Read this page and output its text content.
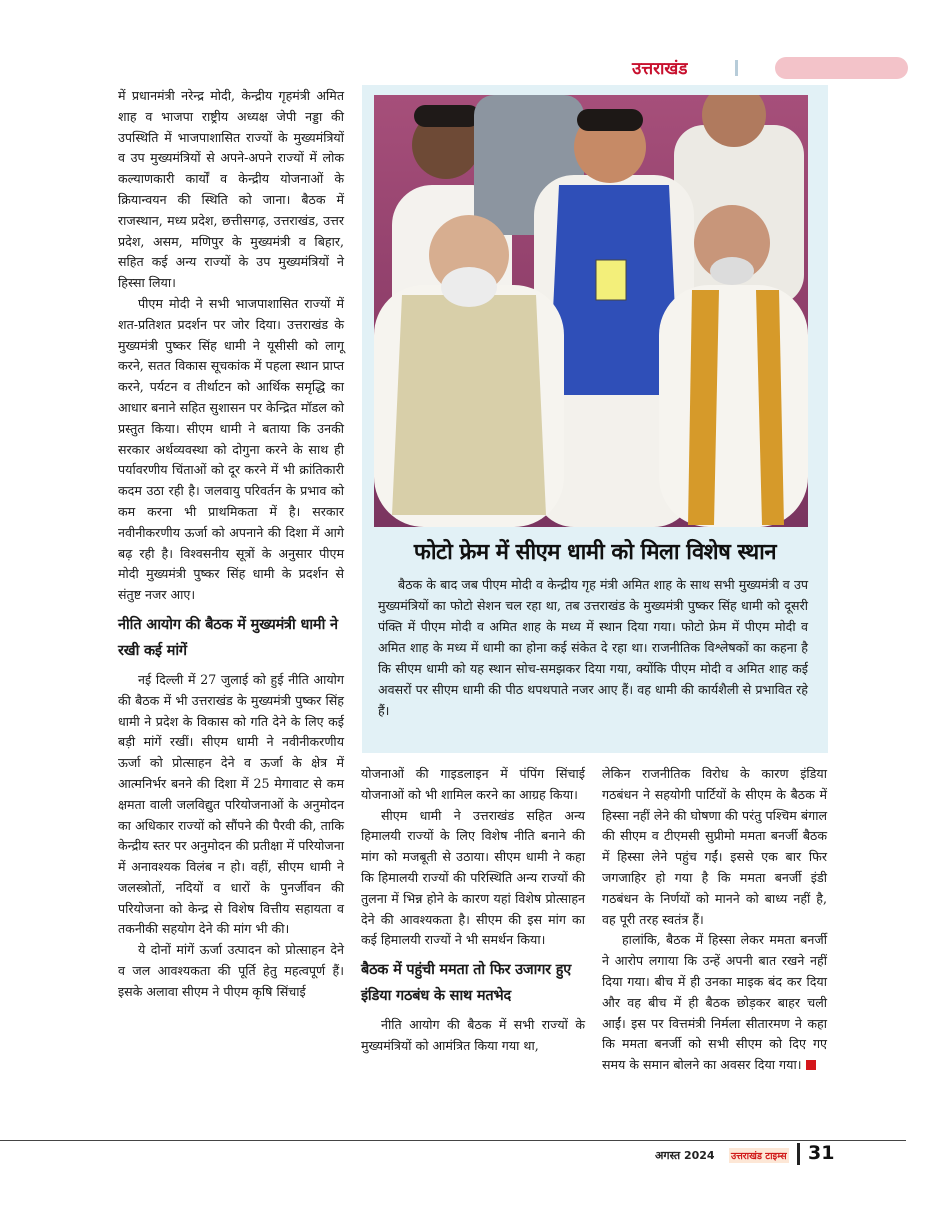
उत्तराखंड

में प्रधानमंत्री नरेन्द्र मोदी, केन्द्रीय गृहमंत्री अमित शाह व भाजपा राष्ट्रीय अध्यक्ष जेपी नड्डा की उपस्थिति में भाजपाशासित राज्यों के मुख्यमंत्रियों व उप मुख्यमंत्रियों से अपने-अपने राज्यों में लोक कल्याणकारी कार्यों व केन्द्रीय योजनाओं के क्रियान्वयन की स्थिति को जाना। बैठक में राजस्थान, मध्य प्रदेश, छत्तीसगढ़, उत्तराखंड, उत्तर प्रदेश, असम, मणिपुर के मुख्यमंत्री व बिहार, सहित कई अन्य राज्यों के उप मुख्यमंत्रियों ने हिस्सा लिया।

पीएम मोदी ने सभी भाजपाशासित राज्यों में शत-प्रतिशत प्रदर्शन पर जोर दिया। उत्तराखंड के मुख्यमंत्री पुष्कर सिंह धामी ने यूसीसी को लागू करने, सतत विकास सूचकांक में पहला स्थान प्राप्त करने, पर्यटन व तीर्थाटन को आर्थिक समृद्धि का आधार बनाने सहित सुशासन पर केन्द्रित मॉडल को प्रस्तुत किया। सीएम धामी ने बताया कि उनकी सरकार अर्थव्यवस्था को दोगुना करने के साथ ही पर्यावरणीय चिंताओं को दूर करने में भी क्रांतिकारी कदम उठा रही है। जलवायु परिवर्तन के प्रभाव को कम करना भी प्राथमिकता में है। सरकार नवीनीकरणीय ऊर्जा को अपनाने की दिशा में आगे बढ़ रही है। विश्वसनीय सूत्रों के अनुसार पीएम मोदी मुख्यमंत्री पुष्कर सिंह धामी के प्रदर्शन से संतुष्ट नजर आए।

नीति आयोग की बैठक में मुख्यमंत्री धामी ने रखी कई मांगें

नई दिल्ली में 27 जुलाई को हुई नीति आयोग की बैठक में भी उत्तराखंड के मुख्यमंत्री पुष्कर सिंह धामी ने प्रदेश के विकास को गति देने के लिए कई बड़ी मांगें रखीं। सीएम धामी ने नवीनीकरणीय ऊर्जा को प्रोत्साहन देने व ऊर्जा के क्षेत्र में आत्मनिर्भर बनने की दिशा में 25 मेगावाट से कम क्षमता वाली जलविद्युत परियोजनाओं के अनुमोदन का अधिकार राज्यों को सौंपने की पैरवी की, ताकि केन्द्रीय स्तर पर अनुमोदन की प्रतीक्षा में परियोजना में अनावश्यक विलंब न हो। वहीं, सीएम धामी ने जलस्त्रोतों, नदियों व धारों के पुनर्जीवन की परियोजना को केन्द्र से विशेष वित्तीय सहायता व तकनीकी सहयोग देने की मांग भी की।

ये दोनों मांगें ऊर्जा उत्पादन को प्रोत्साहन देने व जल आवश्यकता की पूर्ति हेतु महत्वपूर्ण हैं। इसके अलावा सीएम ने पीएम कृषि सिंचाई

फोटो फ्रेम में सीएम धामी को मिला विशेष स्थान

बैठक के बाद जब पीएम मोदी व केन्द्रीय गृह मंत्री अमित शाह के साथ सभी मुख्यमंत्री व उप मुख्यमंत्रियों का फोटो सेशन चल रहा था, तब उत्तराखंड के मुख्यमंत्री पुष्कर सिंह धामी को दूसरी पंक्ति में पीएम मोदी व अमित शाह के मध्य में स्थान दिया गया। फोटो फ्रेम में पीएम मोदी व अमित शाह के मध्य में धामी का होना कई संकेत दे रहा था। राजनीतिक विश्लेषकों का कहना है कि सीएम धामी को यह स्थान सोच-समझकर दिया गया, क्योंकि पीएम मोदी व अमित शाह कई अवसरों पर सीएम धामी की पीठ थपथपाते नजर आए हैं। वह धामी की कार्यशैली से प्रभावित रहे हैं।

योजनाओं की गाइडलाइन में पंपिंग सिंचाई योजनाओं को भी शामिल करने का आग्रह किया।

सीएम धामी ने उत्तराखंड सहित अन्य हिमालयी राज्यों के लिए विशेष नीति बनाने की मांग को मजबूती से उठाया। सीएम धामी ने कहा कि हिमालयी राज्यों की परिस्थिति अन्य राज्यों की तुलना में भिन्न होने के कारण यहां विशेष प्रोत्साहन देने की आवश्यकता है। सीएम की इस मांग का कई हिमालयी राज्यों ने भी समर्थन किया।

बैठक में पहुंची ममता तो फिर उजागर हुए इंडिया गठबंध के साथ मतभेद

नीति आयोग की बैठक में सभी राज्यों के मुख्यमंत्रियों को आमंत्रित किया गया था,

लेकिन राजनीतिक विरोध के कारण इंडिया गठबंधन ने सहयोगी पार्टियों के सीएम के बैठक में हिस्सा नहीं लेने की घोषणा की परंतु पश्चिम बंगाल की सीएम व टीएमसी सुप्रीमो ममता बनर्जी बैठक में हिस्सा लेने पहुंच गईं। इससे एक बार फिर जगजाहिर हो गया है कि ममता बनर्जी इंडी गठबंधन के निर्णयों को मानने को बाध्य नहीं है, वह पूरी तरह स्वतंत्र हैं।

हालांकि, बैठक में हिस्सा लेकर ममता बनर्जी ने आरोप लगाया कि उन्हें अपनी बात रखने नहीं दिया गया। बीच में ही उनका माइक बंद कर दिया और वह बीच में ही बैठक छोड़कर बाहर चली आईं। इस पर वित्तमंत्री निर्मला सीतारमण ने कहा कि ममता बनर्जी को सभी सीएम को दिए गए समय के समान बोलने का अवसर दिया गया।

अगस्त 2024 उत्तराखंड टाइम्स 31
